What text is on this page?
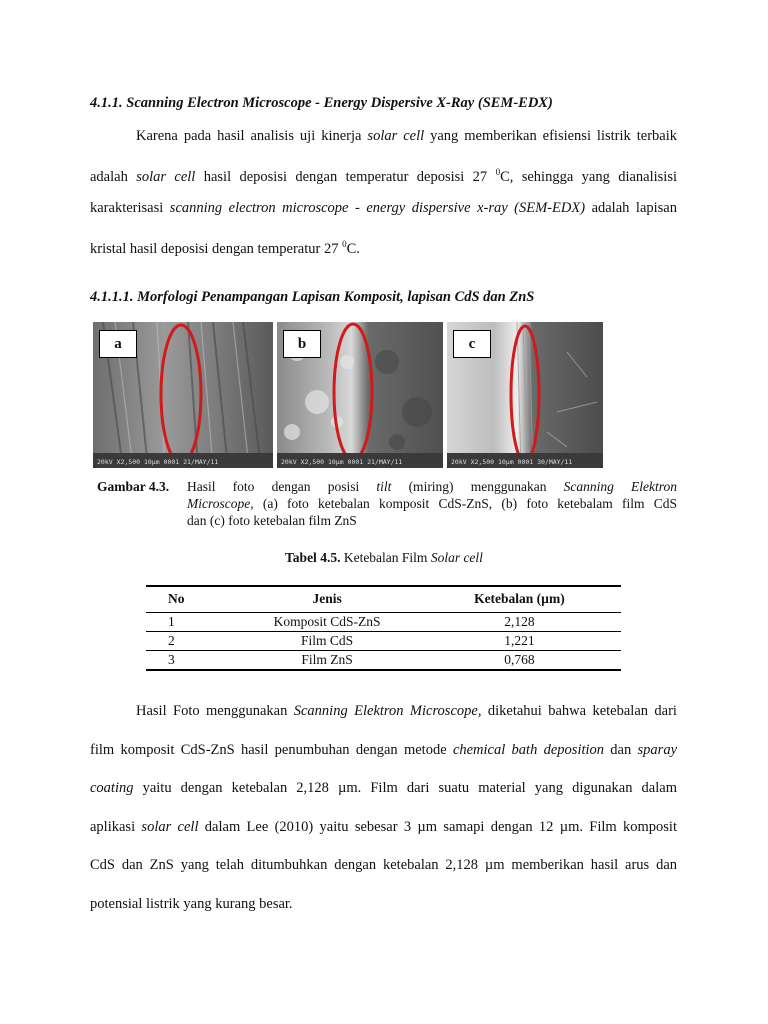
4.1.1. Scanning Electron Microscope - Energy Dispersive X-Ray (SEM-EDX)
Karena pada hasil analisis uji kinerja solar cell yang memberikan efisiensi listrik terbaik
adalah solar cell hasil deposisi dengan temperatur deposisi 27 $^0$C, sehingga yang dianalisisi
karakterisasi scanning electron microscope - energy dispersive x-ray (SEM-EDX) adalah lapisan
kristal hasil deposisi dengan temperatur 27 $^0$C.
4.1.1.1. Morfologi Penampangan Lapisan Komposit, lapisan CdS dan ZnS
20kV X2,500 10µm 0001 21/MAY/11
a
20kV X2,500 10µm 0001 21/MAY/11
b
20kV X2,500 10µm 0001 30/MAY/11
c
Gambar 4.3.	Hasil foto dengan posisi tilt (miring) menggunakan Scanning Elektron
Microscope, (a) foto ketebalan komposit CdS-ZnS, (b) foto ketebalam film CdS
dan (c) foto ketebalan film ZnS
Tabel 4.5. Ketebalan Film Solar cell
No	Jenis	Ketebalan (µm)
1	Komposit CdS-ZnS	2,128
2	Film CdS	1,221
3	Film ZnS	0,768
Hasil Foto menggunakan Scanning Elektron Microscope, diketahui bahwa ketebalan dari
film komposit CdS-ZnS hasil penumbuhan dengan metode chemical bath deposition dan sparay
coating yaitu dengan ketebalan 2,128 µm. Film dari suatu material yang digunakan dalam
aplikasi solar cell dalam Lee (2010) yaitu sebesar 3 µm samapi dengan 12 µm. Film komposit
CdS dan ZnS yang telah ditumbuhkan dengan ketebalan 2,128 µm memberikan hasil arus dan
potensial listrik yang kurang besar.
